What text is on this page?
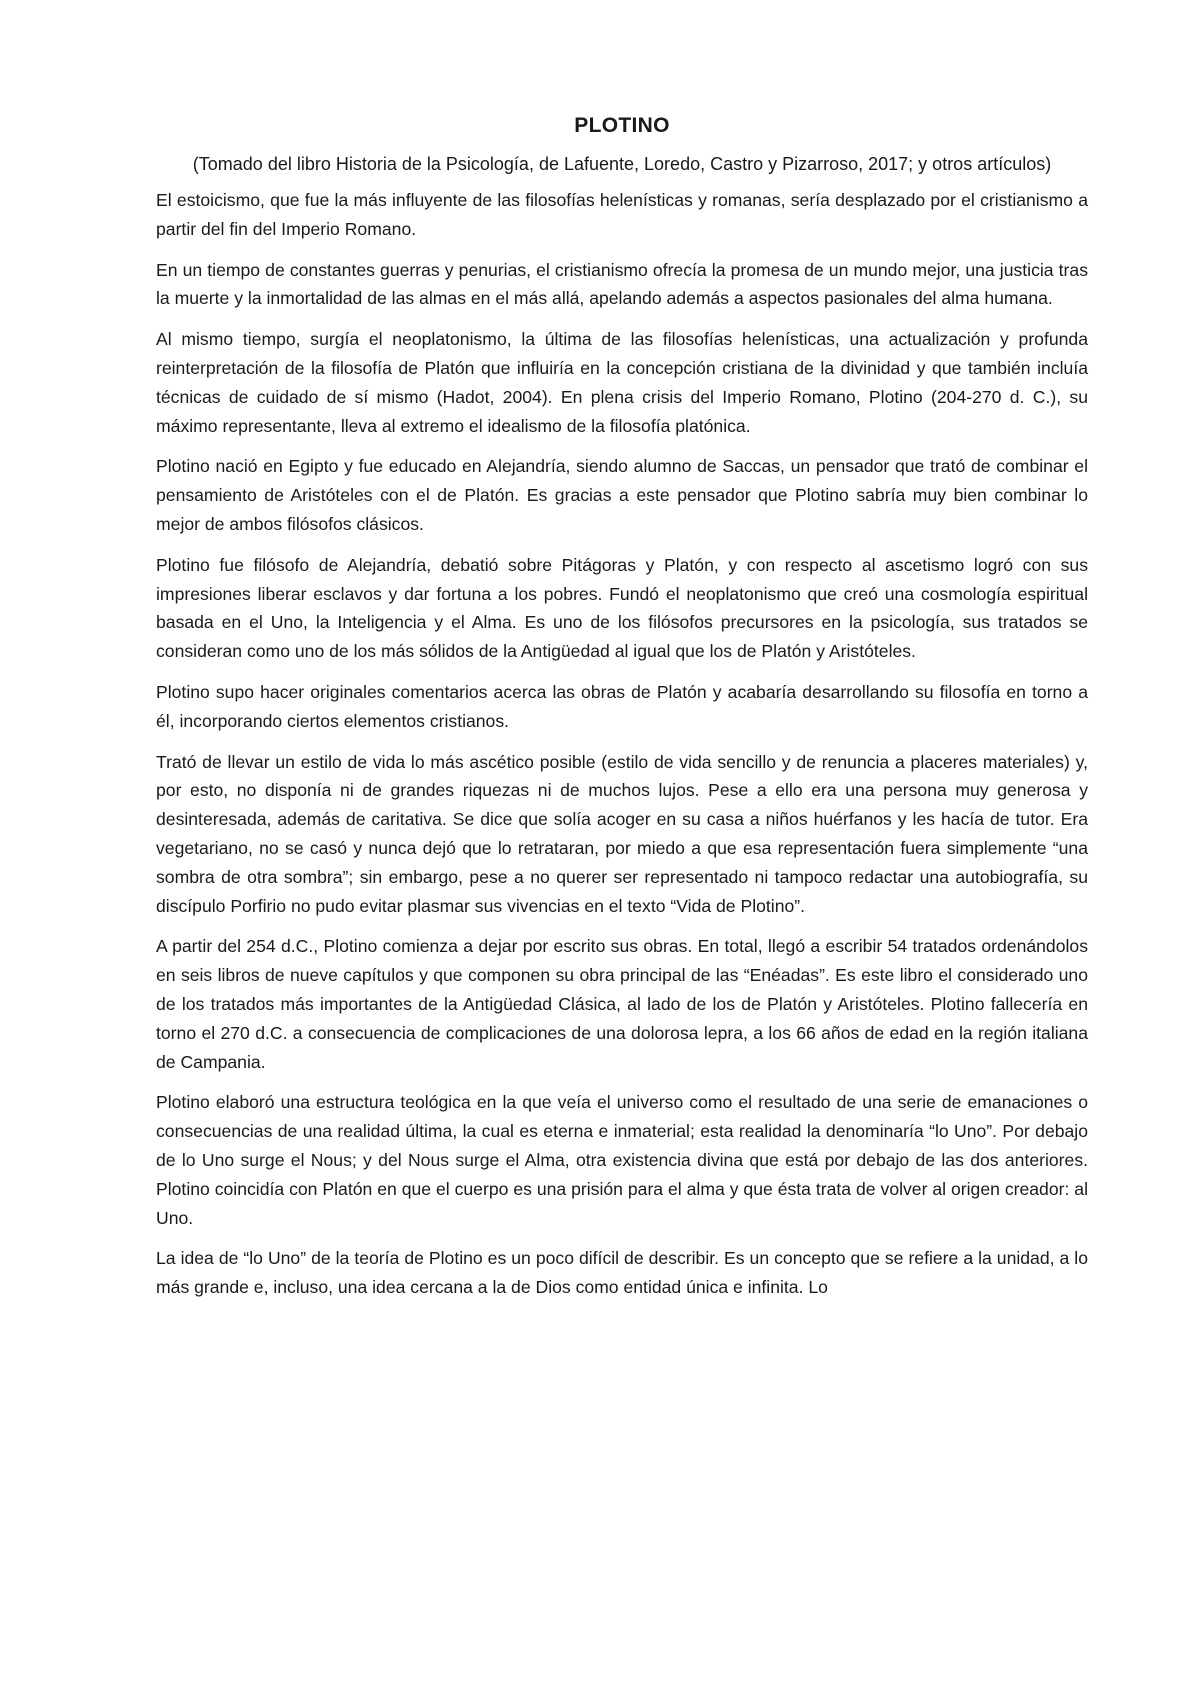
PLOTINO

(Tomado del libro Historia de la Psicología, de Lafuente, Loredo, Castro y Pizarroso, 2017; y otros artículos)

El estoicismo, que fue la más influyente de las filosofías helenísticas y romanas, sería desplazado por el cristianismo a partir del fin del Imperio Romano.

En un tiempo de constantes guerras y penurias, el cristianismo ofrecía la promesa de un mundo mejor, una justicia tras la muerte y la inmortalidad de las almas en el más allá, apelando además a aspectos pasionales del alma humana.

Al mismo tiempo, surgía el neoplatonismo, la última de las filosofías helenísticas, una actualización y profunda reinterpretación de la filosofía de Platón que influiría en la concepción cristiana de la divinidad y que también incluía técnicas de cuidado de sí mismo (Hadot, 2004). En plena crisis del Imperio Romano, Plotino (204-270 d. C.), su máximo representante, lleva al extremo el idealismo de la filosofía platónica.

Plotino nació en Egipto y fue educado en Alejandría, siendo alumno de Saccas, un pensador que trató de combinar el pensamiento de Aristóteles con el de Platón. Es gracias a este pensador que Plotino sabría muy bien combinar lo mejor de ambos filósofos clásicos.

Plotino fue filósofo de Alejandría, debatió sobre Pitágoras y Platón, y con respecto al ascetismo logró con sus impresiones liberar esclavos y dar fortuna a los pobres. Fundó el neoplatonismo que creó una cosmología espiritual basada en el Uno, la Inteligencia y el Alma. Es uno de los filósofos precursores en la psicología, sus tratados se consideran como uno de los más sólidos de la Antigüedad al igual que los de Platón y Aristóteles.

Plotino supo hacer originales comentarios acerca las obras de Platón y acabaría desarrollando su filosofía en torno a él, incorporando ciertos elementos cristianos.

Trató de llevar un estilo de vida lo más ascético posible (estilo de vida sencillo y de renuncia a placeres materiales) y, por esto, no disponía ni de grandes riquezas ni de muchos lujos. Pese a ello era una persona muy generosa y desinteresada, además de caritativa. Se dice que solía acoger en su casa a niños huérfanos y les hacía de tutor. Era vegetariano, no se casó y nunca dejó que lo retrataran, por miedo a que esa representación fuera simplemente “una sombra de otra sombra”; sin embargo, pese a no querer ser representado ni tampoco redactar una autobiografía, su discípulo Porfirio no pudo evitar plasmar sus vivencias en el texto “Vida de Plotino”.

A partir del 254 d.C., Plotino comienza a dejar por escrito sus obras. En total, llegó a escribir 54 tratados ordenándolos en seis libros de nueve capítulos y que componen su obra principal de las “Enéadas”. Es este libro el considerado uno de los tratados más importantes de la Antigüedad Clásica, al lado de los de Platón y Aristóteles. Plotino fallecería en torno el 270 d.C. a consecuencia de complicaciones de una dolorosa lepra, a los 66 años de edad en la región italiana de Campania.

Plotino elaboró una estructura teológica en la que veía el universo como el resultado de una serie de emanaciones o consecuencias de una realidad última, la cual es eterna e inmaterial; esta realidad la denominaría “lo Uno”. Por debajo de lo Uno surge el Nous; y del Nous surge el Alma, otra existencia divina que está por debajo de las dos anteriores. Plotino coincidía con Platón en que el cuerpo es una prisión para el alma y que ésta trata de volver al origen creador: al Uno.

La idea de “lo Uno” de la teoría de Plotino es un poco difícil de describir. Es un concepto que se refiere a la unidad, a lo más grande e, incluso, una idea cercana a la de Dios como entidad única e infinita. Lo
